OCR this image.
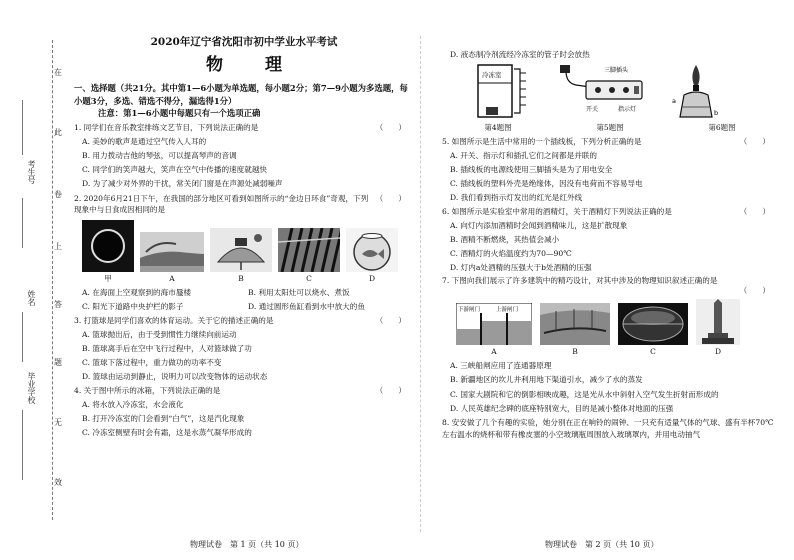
在
此
卷
上
答
题
无
效
考生号
姓名
毕业学校
2020年辽宁省沈阳市初中学业水平考试
物 理
一、选择题（共21分。其中第1—6小题为单选题，每小题2分；第7—9小题为多选题，每小题3分，多选、错选不得分，漏选得1分）
注意：第1—6小题中每题只有一个选项正确
1. 同学们在音乐教室排练文艺节目，下列说法正确的是	（　　）
A. 美妙的歌声是通过空气传入人耳的
B. 用力拨动吉他的琴弦，可以提高琴声的音调
C. 同学们的笑声越大，笑声在空气中传播的速度就越快
D. 为了减少对外界的干扰，常关闭门窗是在声源处减弱噪声
2. 2020年6月21日下午，在我国的部分地区可看到如图所示的“金边日环食”奇观，下列现象中与日食成因相同的是
（　　）
甲	A	B	C	D
A. 在海面上空观察到的海市蜃楼	B. 利用太阳灶可以烧水、煮饭
C. 阳光下道路中央护栏的影子	D. 通过圆形鱼缸看到水中放大的鱼
3. 打篮球是同学们喜欢的体育运动。关于它的描述正确的是	（　　）
A. 篮球抛出后，由于受到惯性力继续向前运动
B. 篮球离手后在空中飞行过程中，人对篮球做了功
C. 篮球下落过程中，重力做功的功率不变
D. 篮球由运动到静止，说明力可以改变物体的运动状态
4. 关于图中所示的冰箱，下列说法正确的是	（　　）
A. 将水放入冷冻室，水会液化
B. 打开冷冻室的门会看到“白气”，这是汽化现象
C. 冷冻室侧壁有时会有霜，这是水蒸气凝华形成的
物理试卷　第 1 页（共 10 页）
D. 液态制冷剂流经冷冻室的管子时会放热
冷冻室
三脚插头
开关	指示灯
a
b
第4题图	第5题图	第6题图
5. 如图所示是生活中常用的一个插线板，下列分析正确的是	（　　）
A. 开关、指示灯和插孔它们之间都是并联的
B. 插线板的电源线使用三脚插头是为了用电安全
C. 插线板的塑料外壳是绝缘体，因没有电荷而不容易导电
D. 我们看到指示灯发出的红光是红外线
6. 如图所示是实验室中常用的酒精灯，关于酒精灯下列说法正确的是	（　　）
A. 向灯内添加酒精时会闻到酒精味儿，这是扩散现象
B. 酒精不断燃烧，其热值会减小
C. 酒精灯的火焰温度约为70—90℃
D. 灯内a处酒精的压强大于b处酒精的压强
7. 下图向我们展示了许多建筑中的精巧设计，对其中涉及的物理知识叙述正确的是
（　　）
下游闸门	上游闸门
A	B	C	D
A. 三峡船闸应用了连通器原理
B. 新疆地区的坎儿井利用地下渠道引水，减少了水的蒸发
C. 国家大剧院和它的倒影相映成趣，这是光从水中斜射入空气发生折射而形成的
D. 人民英雄纪念碑的底座特别宽大，目的是减小整体对地面的压强
8. 安安做了几个有趣的实验，她分别在正在响铃的闹钟、一只充有适量气体的气球、盛有半杯70℃左右温水的烧杯和带有橡皮塞的小空玻璃瓶周围放入玻璃罩内，并用电动抽气
物理试卷　第 2 页（共 10 页）
